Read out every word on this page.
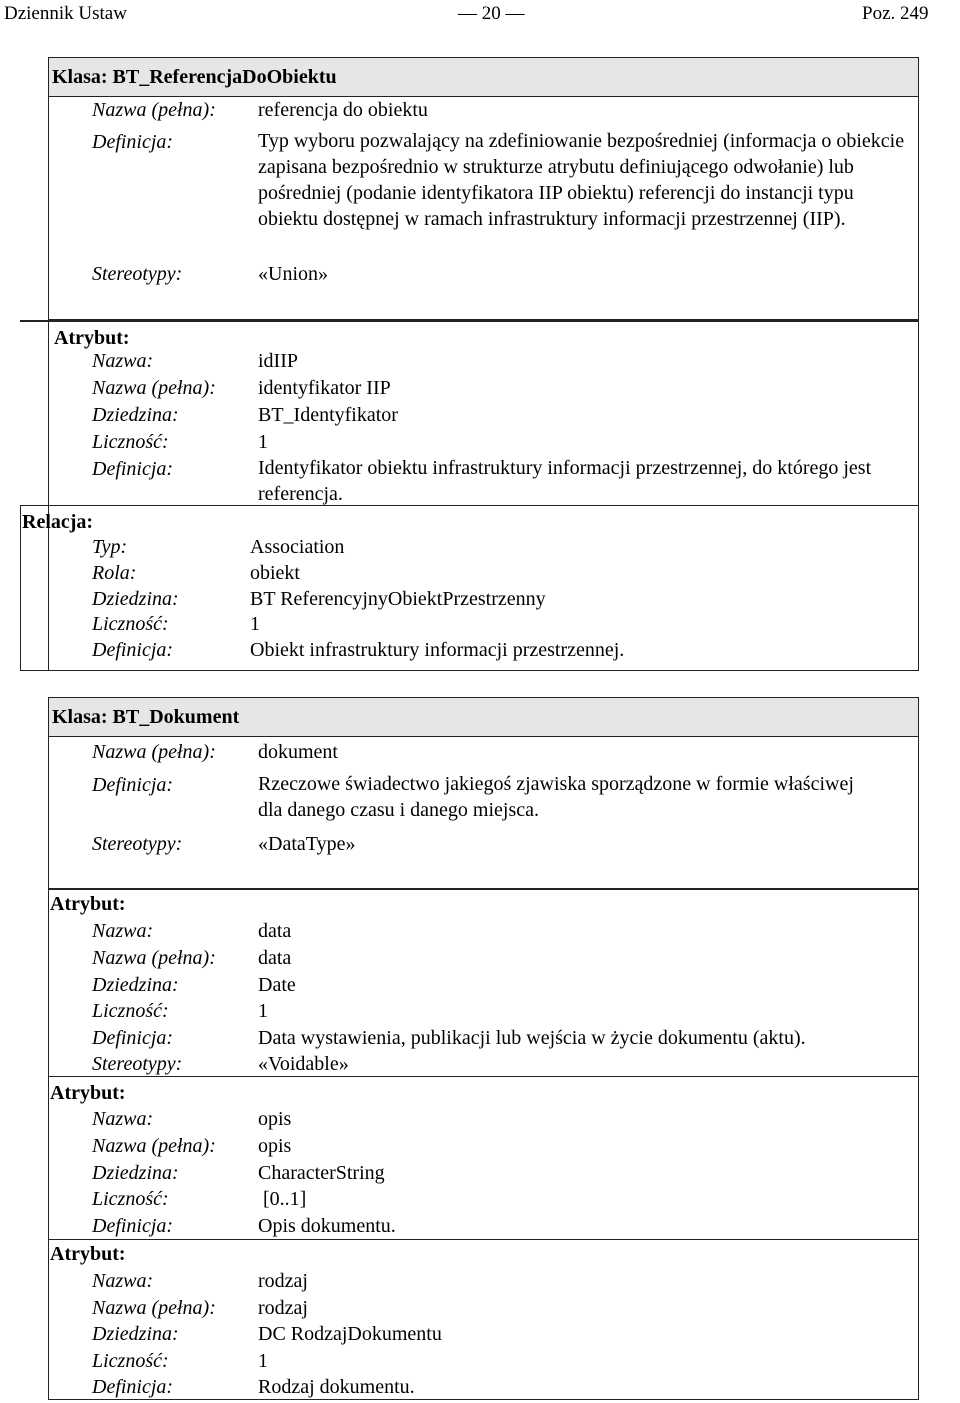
Dziennik Ustaw	— 20 —	Poz. 249
Klasa: BT_ReferencjaDoObiektu
Nazwa (pełna): referencja do obiektu
Definicja:	Typ wyboru pozwalający na zdefiniowanie bezpośredniej (informacja o obiekcie zapisana bezpośrednio w strukturze atrybutu definiującego odwołanie) lub pośredniej (podanie identyfikatora IIP obiektu) referencji do instancji typu obiektu dostępnej w ramach infrastruktury informacji przestrzennej (IIP).
Stereotypy:	«Union»
Atrybut:
Nazwa:	idIIP
Nazwa (pełna): identyfikator IIP
Dziedzina:	BT_Identyfikator
Liczność:	1
Definicja:	Identyfikator obiektu infrastruktury informacji przestrzennej, do którego jest referencja.
Relacja:
Typ:	Association
Rola:	obiekt
Dziedzina:	BT ReferencyjnyObiektPrzestrzenny
Liczność:	1
Definicja:	Obiekt infrastruktury informacji przestrzennej.
Klasa: BT_Dokument
Nazwa (pełna): dokument
Definicja:	Rzeczowe świadectwo jakiegoś zjawiska sporządzone w formie właściwej dla danego czasu i danego miejsca.
Stereotypy:	«DataType»
Atrybut:
Nazwa:	data
Nazwa (pełna): data
Dziedzina:	Date
Liczność:	1
Definicja:	Data wystawienia, publikacji lub wejścia w życie dokumentu (aktu).
Stereotypy:	«Voidable»
Atrybut:
Nazwa:	opis
Nazwa (pełna): opis
Dziedzina:	CharacterString
Liczność:	[0..1]
Definicja:	Opis dokumentu.
Atrybut:
Nazwa:	rodzaj
Nazwa (pełna): rodzaj
Dziedzina:	DC RodzajDokumentu
Liczność:	1
Definicja:	Rodzaj dokumentu.
